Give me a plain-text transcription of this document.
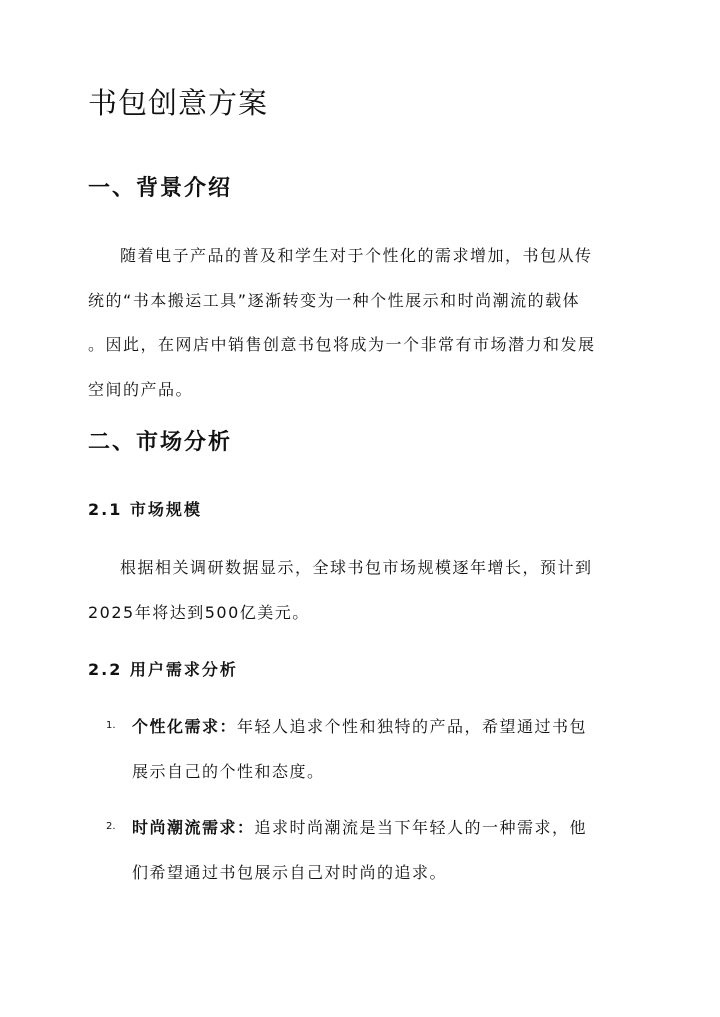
书包创意方案
一、背景介绍
随着电子产品的普及和学生对于个性化的需求增加，书包从传
统的“书本搬运工具”逐渐转变为一种个性展示和时尚潮流的载体
。因此，在网店中销售创意书包将成为一个非常有市场潜力和发展
空间的产品。
二、市场分析
2.1 市场规模
根据相关调研数据显示，全球书包市场规模逐年增长，预计到
2025年将达到500亿美元。
2.2 用户需求分析
1. 个性化需求：年轻人追求个性和独特的产品，希望通过书包
展示自己的个性和态度。
2. 时尚潮流需求：追求时尚潮流是当下年轻人的一种需求，他
们希望通过书包展示自己对时尚的追求。
